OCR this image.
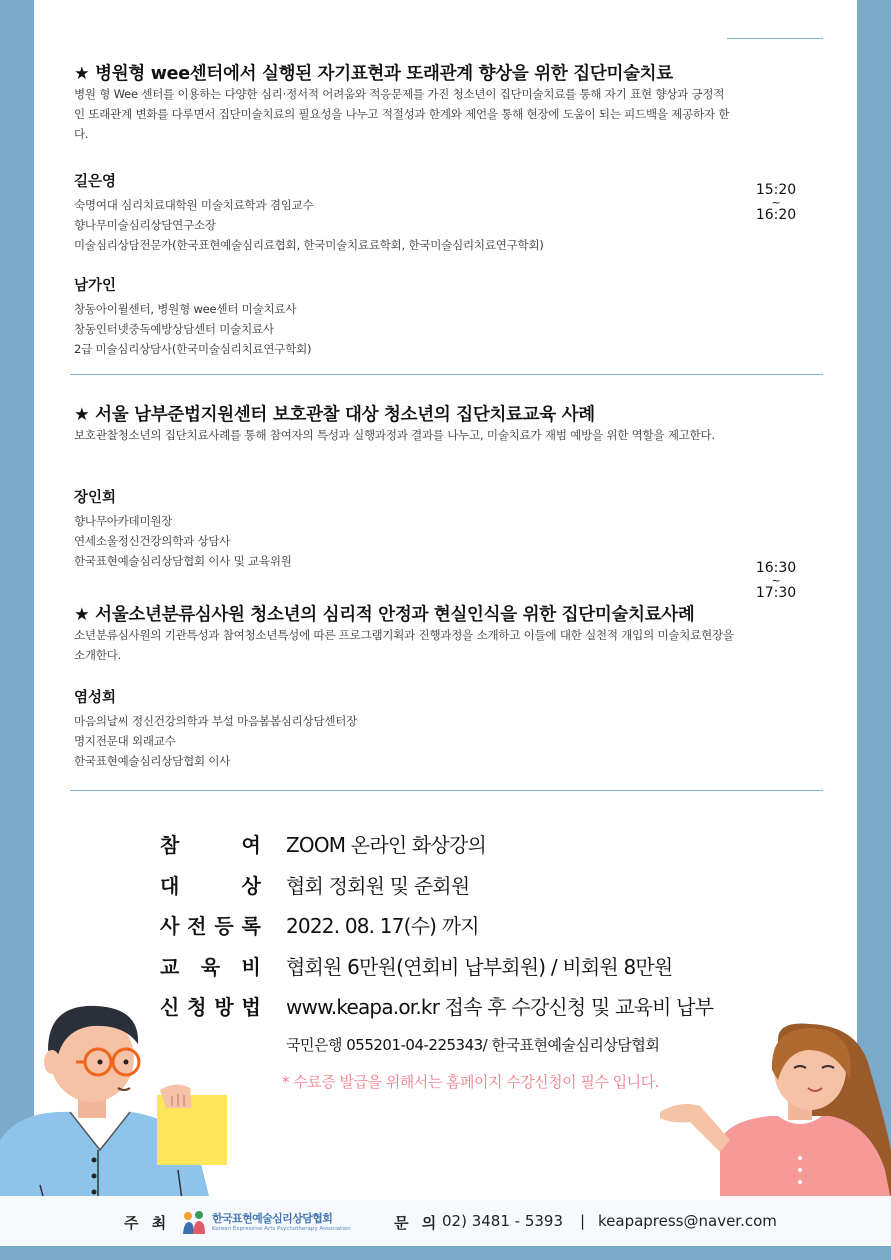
★ 병원형 wee센터에서 실행된 자기표현과 또래관계 향상을 위한 집단미술치료
병원 형 Wee 센터를 이용하는 다양한 심리·정서적 어려움와 적응문제를 가진 청소년이 집단미술치료를 통해 자기 표현 향상과 긍정적인 또래관계 변화를 다루면서 집단미술치료의 필요성을 나누고 적절성과 한계와 제언을 통해 현장에 도움이 되는 피드백을 제공하자 한다.
길은영
숙명여대 심리치료대학원 미술치료학과 겸임교수
향나무미술심리상담연구소장
미술심리상담전문가(한국표현예술심리료협회, 한국미술치료료학회, 한국미술심리치료연구학회)
남가인
창동아이윌센터, 병원형 wee센터 미술치료사
창동인터넷중독예방상담센터 미술치료사
2급 미술심리상담사(한국미술심리치료연구학회)
15:20
~
16:20
★ 서울 남부준법지원센터 보호관찰 대상 청소년의 집단치료교육 사례
보호관찰청소년의 집단치료사례를 통해 참여자의 특성과 실행과정과 결과를 나누고, 미술치료가 재범 예방을 위한 역할을 제고한다.
장인희
향나무아카데미원장
연세소울정신건강의학과 상담사
한국표현예술심리상담협회 이사 및 교육위원
★ 서울소년분류심사원 청소년의 심리적 안정과 현실인식을 위한 집단미술치료사례
소년분류심사원의 기관특성과 참여청소년특성에 따른 프로그램기획과 진행과정을 소개하고 이들에 대한 실천적 개입의 미술치료현장을 소개한다.
염성희
마음의날씨 정신건강의학과 부설 마음봄봄심리상담센터장
명지전문대 외래교수
한국표현예술심리상담협회 이사
16:30
~
17:30
참	여 ZOOM 온라인 화상강의
대	상 협회 정회원 및 준회원
사 전 등 록 2022. 08. 17(수) 까지
교 육 비 협회원 6만원(연회비 납부회원) / 비회원 8만원
신 청 방 법 www.keapa.or.kr 접속 후 수강신청 및 교육비 납부
국민은행 055201-04-225343/ 한국표현예술심리상담협회
* 수료증 발급을 위해서는 홈페이지 수강신청이 필수 입니다.
주 최	한국표현예술심리상담협회
Korean Expressive Arts Psychotherapy Association	문 의 02) 3481 - 5393 | keapapress@naver.com
